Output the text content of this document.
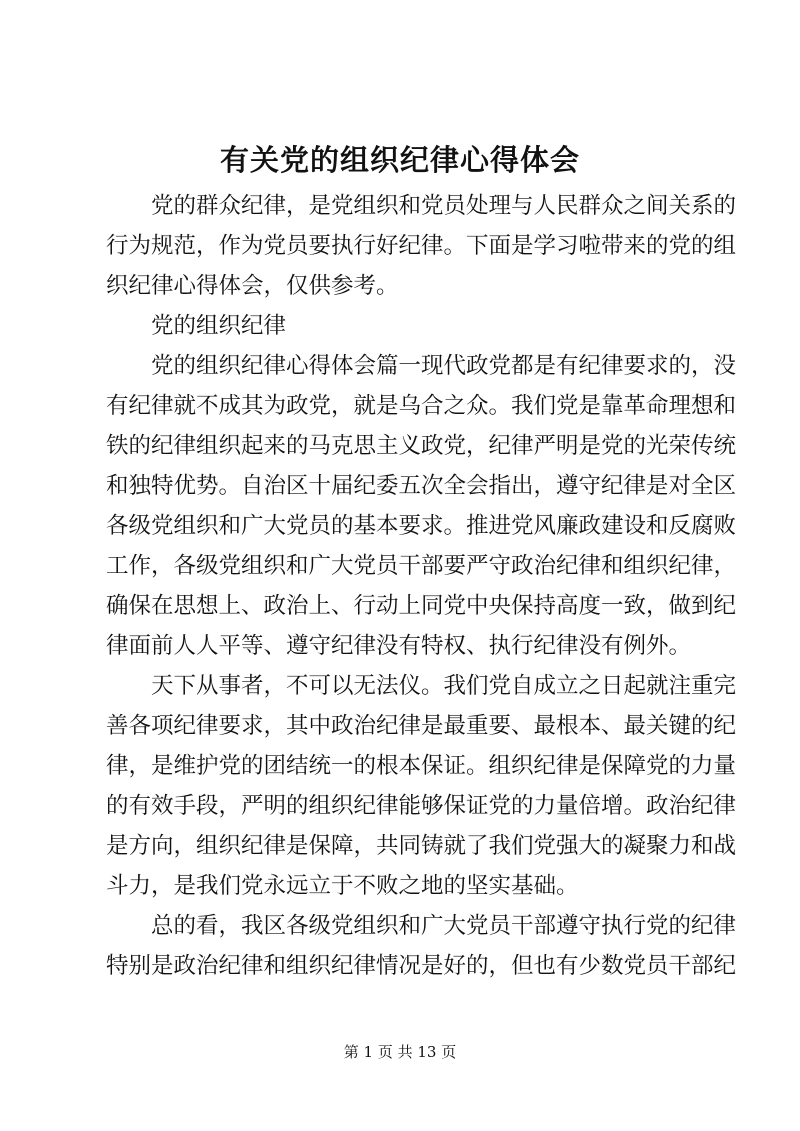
有关党的组织纪律心得体会
　　党的群众纪律，是党组织和党员处理与人民群众之间关系的
行为规范，作为党员要执行好纪律。下面是学习啦带来的党的组
织纪律心得体会，仅供参考。
　　党的组织纪律
　　党的组织纪律心得体会篇一现代政党都是有纪律要求的，没
有纪律就不成其为政党，就是乌合之众。我们党是靠革命理想和
铁的纪律组织起来的马克思主义政党，纪律严明是党的光荣传统
和独特优势。自治区十届纪委五次全会指出，遵守纪律是对全区
各级党组织和广大党员的基本要求。推进党风廉政建设和反腐败
工作，各级党组织和广大党员干部要严守政治纪律和组织纪律，
确保在思想上、政治上、行动上同党中央保持高度一致，做到纪
律面前人人平等、遵守纪律没有特权、执行纪律没有例外。
　　天下从事者，不可以无法仪。我们党自成立之日起就注重完
善各项纪律要求，其中政治纪律是最重要、最根本、最关键的纪
律，是维护党的团结统一的根本保证。组织纪律是保障党的力量
的有效手段，严明的组织纪律能够保证党的力量倍增。政治纪律
是方向，组织纪律是保障，共同铸就了我们党强大的凝聚力和战
斗力，是我们党永远立于不败之地的坚实基础。
　　总的看，我区各级党组织和广大党员干部遵守执行党的纪律
特别是政治纪律和组织纪律情况是好的，但也有少数党员干部纪
第 1 页 共 13 页
